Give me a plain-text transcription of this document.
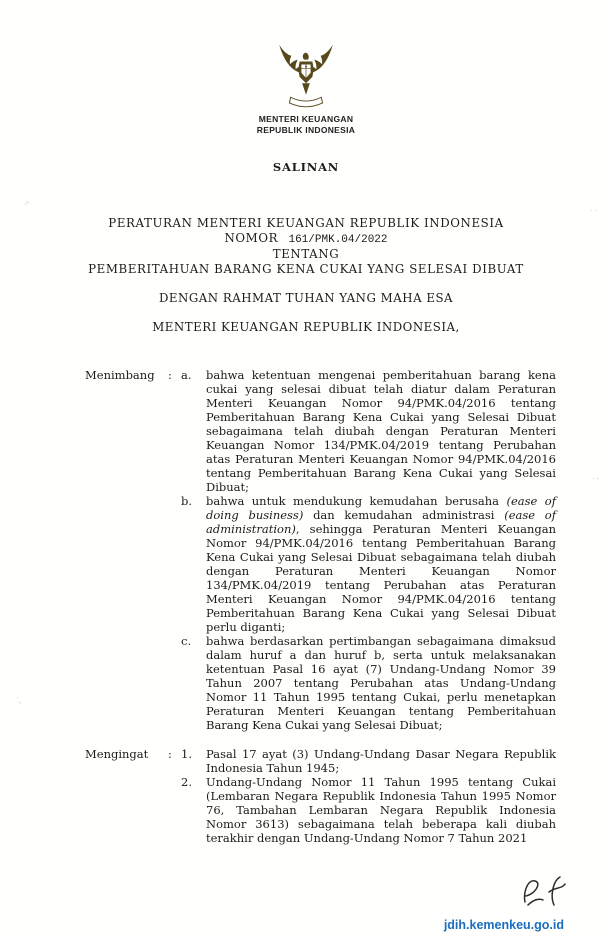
MENTERI KEUANGAN
REPUBLIK INDONESIA
SALINAN
PERATURAN MENTERI KEUANGAN REPUBLIK INDONESIA
NOMOR 161/PMK.04/2022
TENTANG
PEMBERITAHUAN BARANG KENA CUKAI YANG SELESAI DIBUAT
DENGAN RAHMAT TUHAN YANG MAHA ESA
MENTERI KEUANGAN REPUBLIK INDONESIA,
Menimbang	: a.	bahwa ketentuan mengenai pemberitahuan barang kena cukai yang selesai dibuat telah diatur dalam Peraturan Menteri Keuangan Nomor 94/PMK.04/2016 tentang Pemberitahuan Barang Kena Cukai yang Selesai Dibuat sebagaimana telah diubah dengan Peraturan Menteri Keuangan Nomor 134/PMK.04/2019 tentang Perubahan atas Peraturan Menteri Keuangan Nomor 94/PMK.04/2016 tentang Pemberitahuan Barang Kena Cukai yang Selesai Dibuat;
b.	bahwa untuk mendukung kemudahan berusaha (ease of doing business) dan kemudahan administrasi (ease of administration), sehingga Peraturan Menteri Keuangan Nomor 94/PMK.04/2016 tentang Pemberitahuan Barang Kena Cukai yang Selesai Dibuat sebagaimana telah diubah dengan Peraturan Menteri Keuangan Nomor 134/PMK.04/2019 tentang Perubahan atas Peraturan Menteri Keuangan Nomor 94/PMK.04/2016 tentang Pemberitahuan Barang Kena Cukai yang Selesai Dibuat perlu diganti;
c.	bahwa berdasarkan pertimbangan sebagaimana dimaksud dalam huruf a dan huruf b, serta untuk melaksanakan ketentuan Pasal 16 ayat (7) Undang-Undang Nomor 39 Tahun 2007 tentang Perubahan atas Undang-Undang Nomor 11 Tahun 1995 tentang Cukai, perlu menetapkan Peraturan Menteri Keuangan tentang Pemberitahuan Barang Kena Cukai yang Selesai Dibuat;
Mengingat	: 1.	Pasal 17 ayat (3) Undang-Undang Dasar Negara Republik Indonesia Tahun 1945;
2.	Undang-Undang Nomor 11 Tahun 1995 tentang Cukai (Lembaran Negara Republik Indonesia Tahun 1995 Nomor 76, Tambahan Lembaran Negara Republik Indonesia Nomor 3613) sebagaimana telah beberapa kali diubah terakhir dengan Undang-Undang Nomor 7 Tahun 2021
jdih.kemenkeu.go.id
·ˢ
˙˙
˙˙
·‸
